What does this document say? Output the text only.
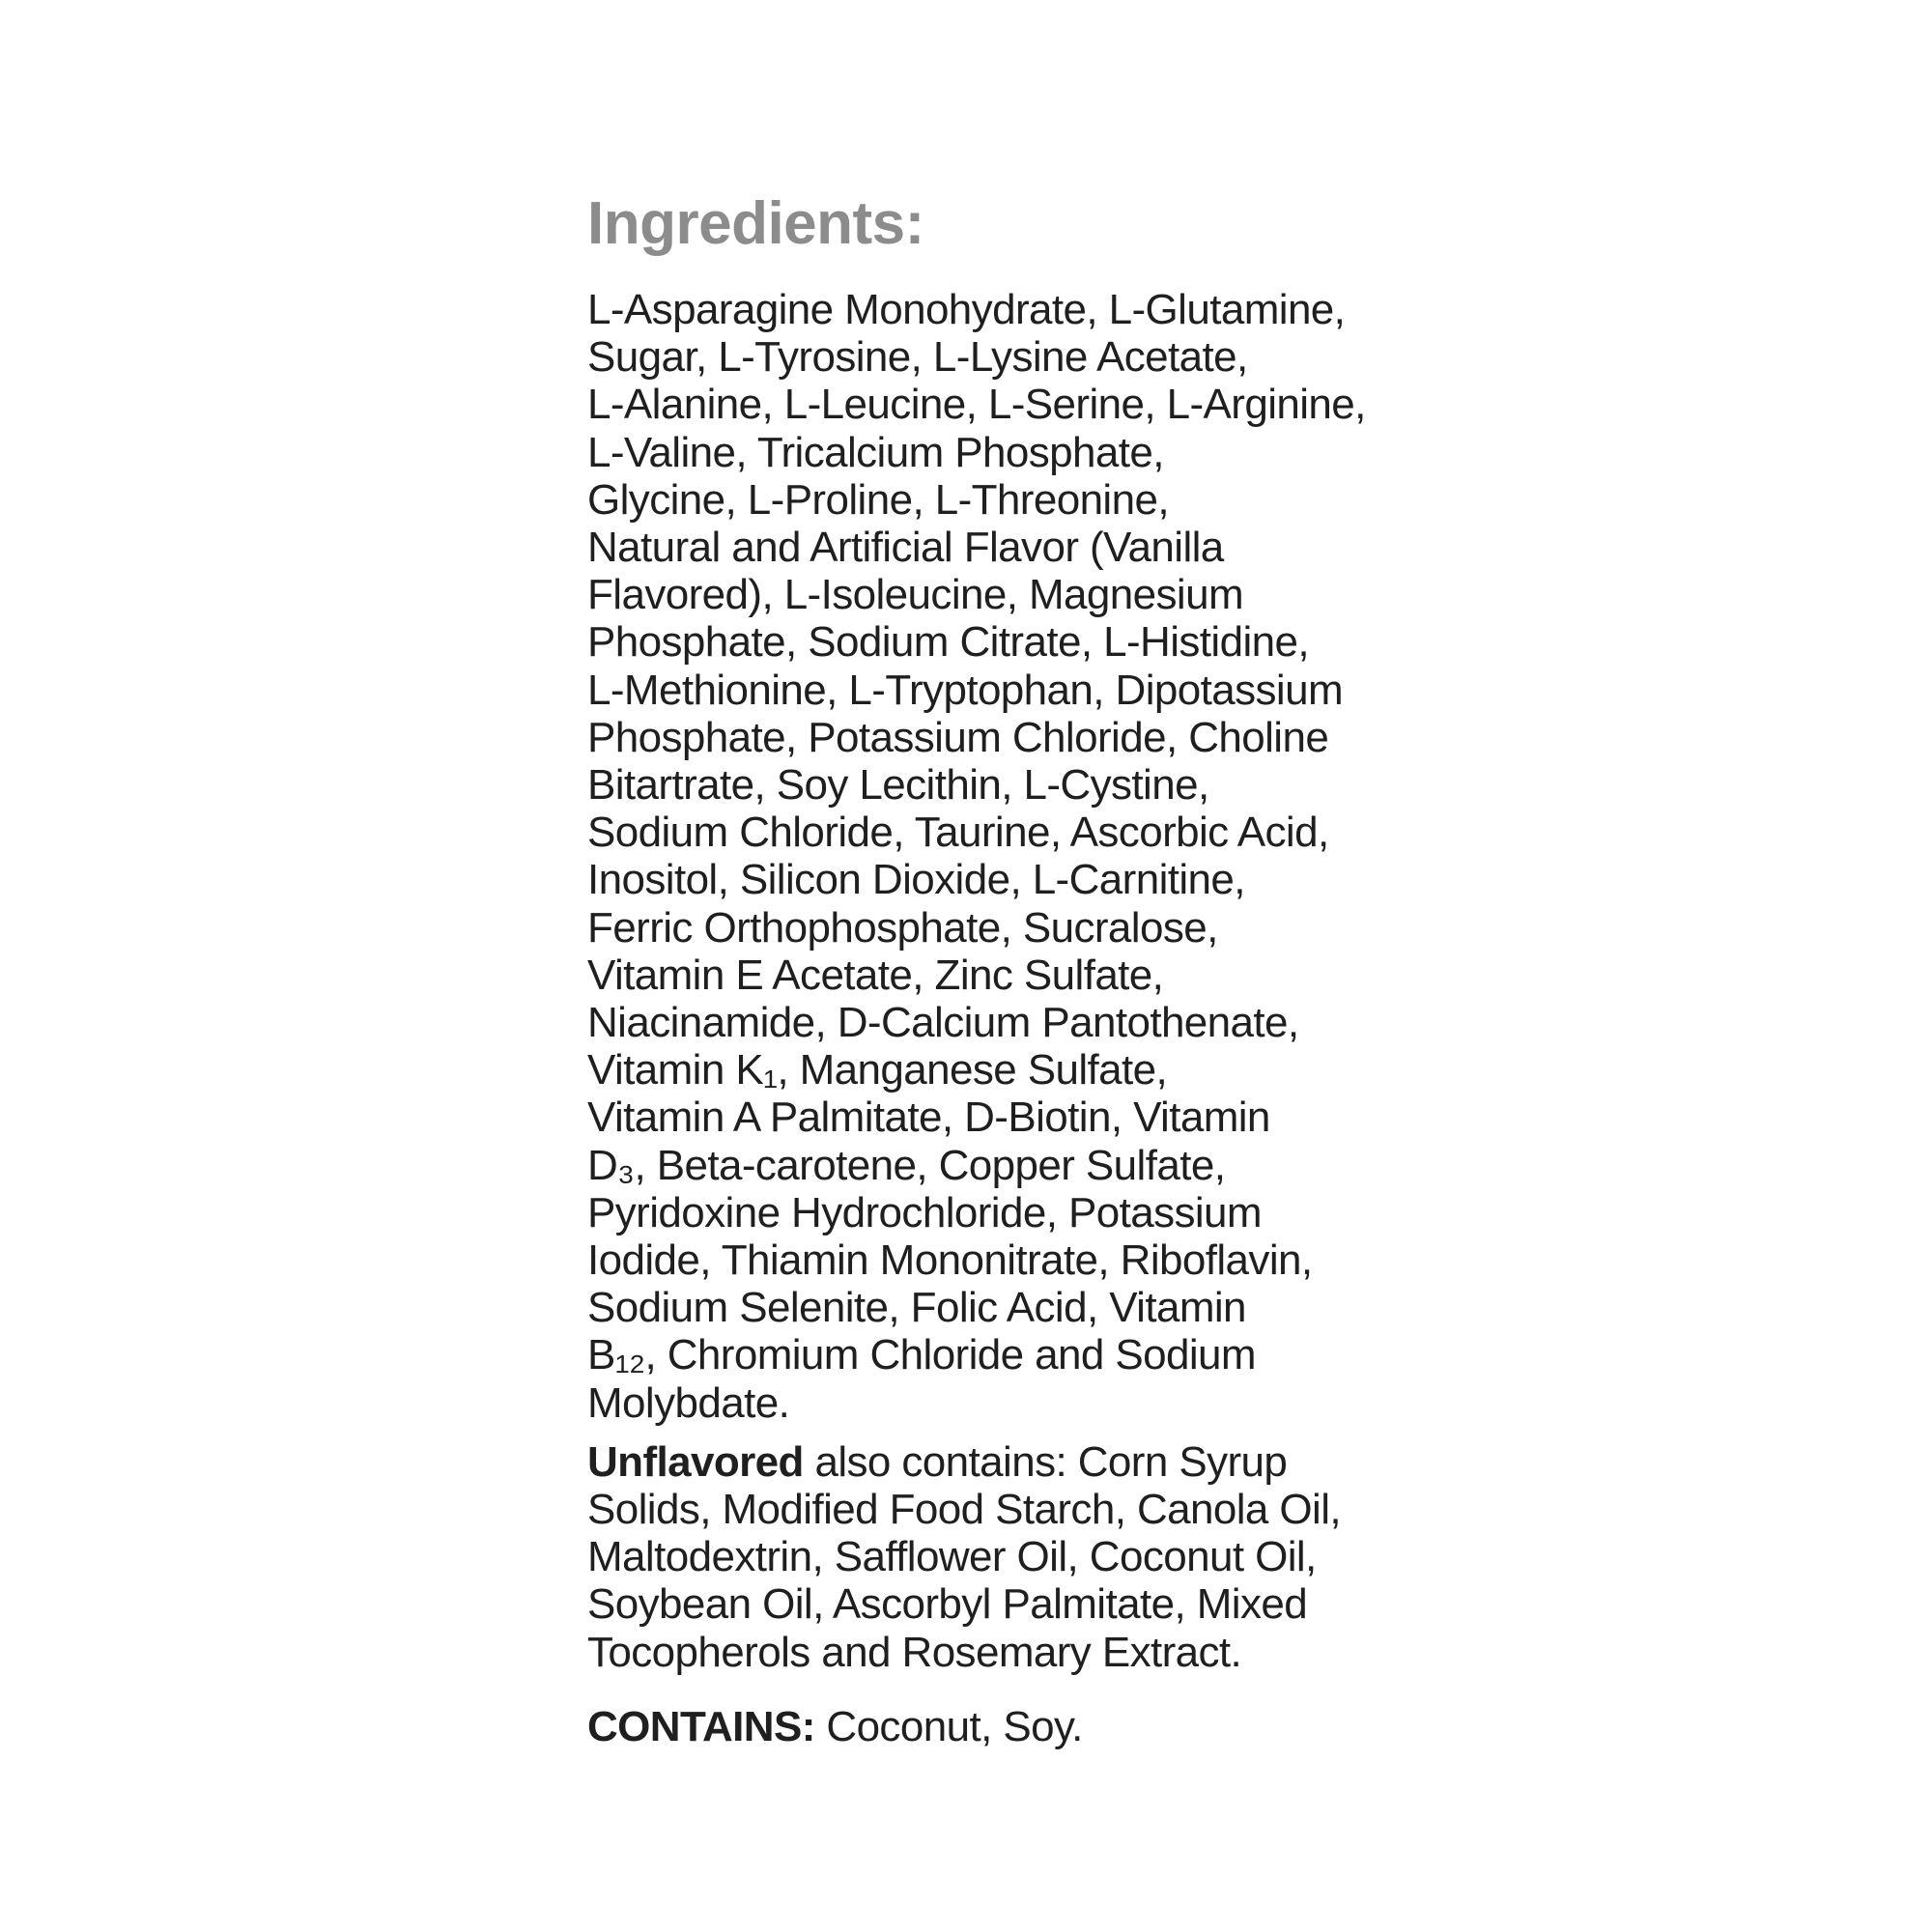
Ingredients:
L-Asparagine Monohydrate, L-Glutamine,
Sugar, L-Tyrosine, L-Lysine Acetate,
L-Alanine, L-Leucine, L-Serine, L-Arginine,
L-Valine, Tricalcium Phosphate,
Glycine, L-Proline, L-Threonine,
Natural and Artificial Flavor (Vanilla
Flavored), L-Isoleucine, Magnesium
Phosphate, Sodium Citrate, L-Histidine,
L-Methionine, L-Tryptophan, Dipotassium
Phosphate, Potassium Chloride, Choline
Bitartrate, Soy Lecithin, L-Cystine,
Sodium Chloride, Taurine, Ascorbic Acid,
Inositol, Silicon Dioxide, L-Carnitine,
Ferric Orthophosphate, Sucralose,
Vitamin E Acetate, Zinc Sulfate,
Niacinamide, D-Calcium Pantothenate,
Vitamin K₁, Manganese Sulfate,
Vitamin A Palmitate, D-Biotin, Vitamin
D₃, Beta-carotene, Copper Sulfate,
Pyridoxine Hydrochloride, Potassium
Iodide, Thiamin Mononitrate, Riboflavin,
Sodium Selenite, Folic Acid, Vitamin
B₁₂, Chromium Chloride and Sodium
Molybdate.
Unflavored also contains: Corn Syrup
Solids, Modified Food Starch, Canola Oil,
Maltodextrin, Safflower Oil, Coconut Oil,
Soybean Oil, Ascorbyl Palmitate, Mixed
Tocopherols and Rosemary Extract.
CONTAINS: Coconut, Soy.
